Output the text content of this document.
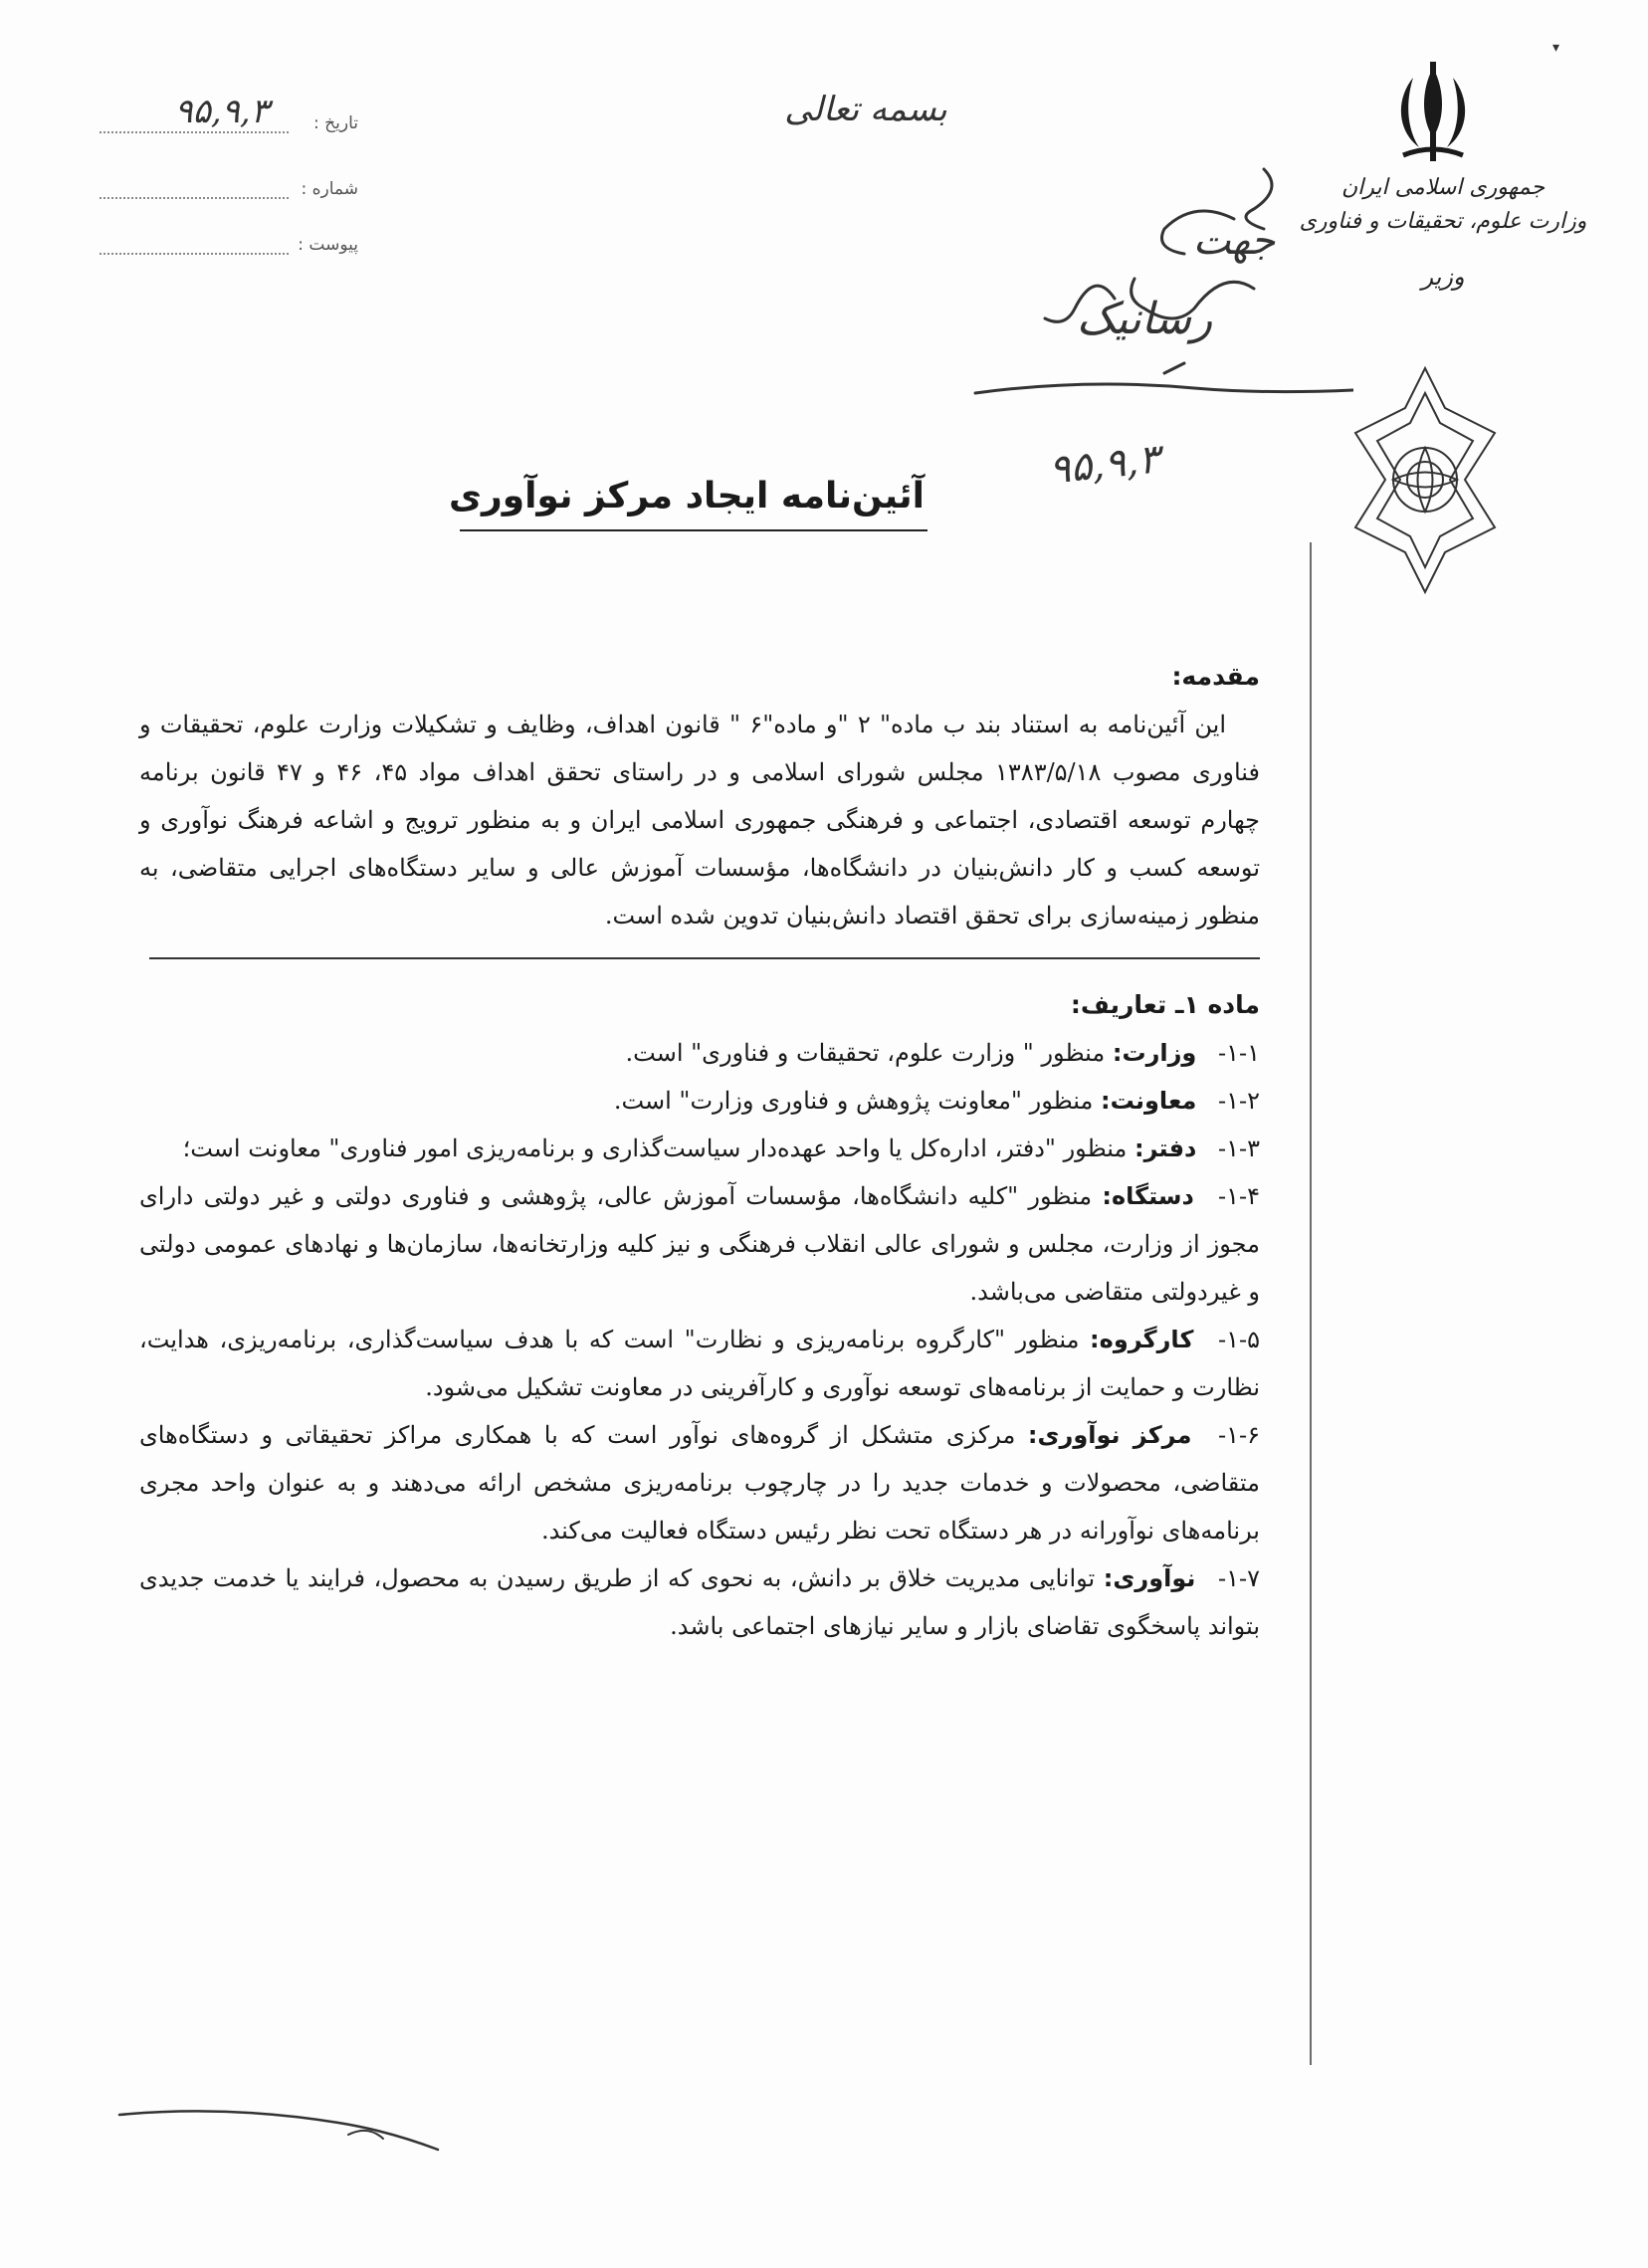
▾
جمهوری اسلامی ایران
وزارت علوم، تحقیقات و فناوری
وزیر
تاریخ :
۹۵,۹,۳
شماره :
پیوست :
بسمه تعالی
رسانیک
جهت
۹۵,۹,۳
آئین‌نامه ایجاد مرکز نوآوری
مقدمه:

این آئین‌نامه به استناد بند ب ماده" ۲ "و ماده"۶ " قانون اهداف، وظایف و تشکیلات وزارت علوم، تحقیقات و فناوری مصوب ۱۳۸۳/۵/۱۸ مجلس شورای اسلامی و در راستای تحقق اهداف مواد ۴۵، ۴۶ و ۴۷ قانون برنامه چهارم توسعه اقتصادی، اجتماعی و فرهنگی جمهوری اسلامی ایران و به منظور ترویج و اشاعه فرهنگ نوآوری و توسعه کسب و کار دانش‌بنیان در دانشگاه‌ها، مؤسسات آموزش عالی و سایر دستگاه‌های اجرایی متقاضی، به منظور زمینه‌سازی برای تحقق اقتصاد دانش‌بنیان تدوین شده است.

ماده ۱ـ تعاریف:

۱-۱- وزارت: منظور " وزارت علوم، تحقیقات و فناوری" است.

۱-۲- معاونت: منظور "معاونت پژوهش و فناوری وزارت" است.

۱-۳- دفتر: منظور "دفتر، اداره‌کل یا واحد عهده‌دار سیاست‌گذاری و برنامه‌ریزی امور فناوری" معاونت است؛

۱-۴- دستگاه: منظور "کلیه دانشگاه‌ها، مؤسسات آموزش عالی، پژوهشی و فناوری دولتی و غیر دولتی دارای مجوز از وزارت، مجلس و شورای عالی انقلاب فرهنگی و نیز کلیه وزارتخانه‌ها، سازمان‌ها و نهادهای عمومی دولتی و غیردولتی متقاضی می‌باشد.

۱-۵- کارگروه: منظور "کارگروه برنامه‌ریزی و نظارت" است که با هدف سیاست‌گذاری، برنامه‌ریزی، هدایت، نظارت و حمایت از برنامه‌های توسعه نوآوری و کارآفرینی در معاونت تشکیل می‌شود.

۱-۶- مرکز نوآوری: مرکزی متشکل از گروه‌های نوآور است که با همکاری مراکز تحقیقاتی و دستگاه‌های متقاضی، محصولات و خدمات جدید را در چارچوب برنامه‌ریزی مشخص ارائه می‌دهند و به عنوان واحد مجری برنامه‌های نوآورانه در هر دستگاه تحت نظر رئیس دستگاه فعالیت می‌کند.

۱-۷- نوآوری: توانایی مدیریت خلاق بر دانش، به نحوی که از طریق رسیدن به محصول، فرایند یا خدمت جدیدی بتواند پاسخگوی تقاضای بازار و سایر نیازهای اجتماعی باشد.
